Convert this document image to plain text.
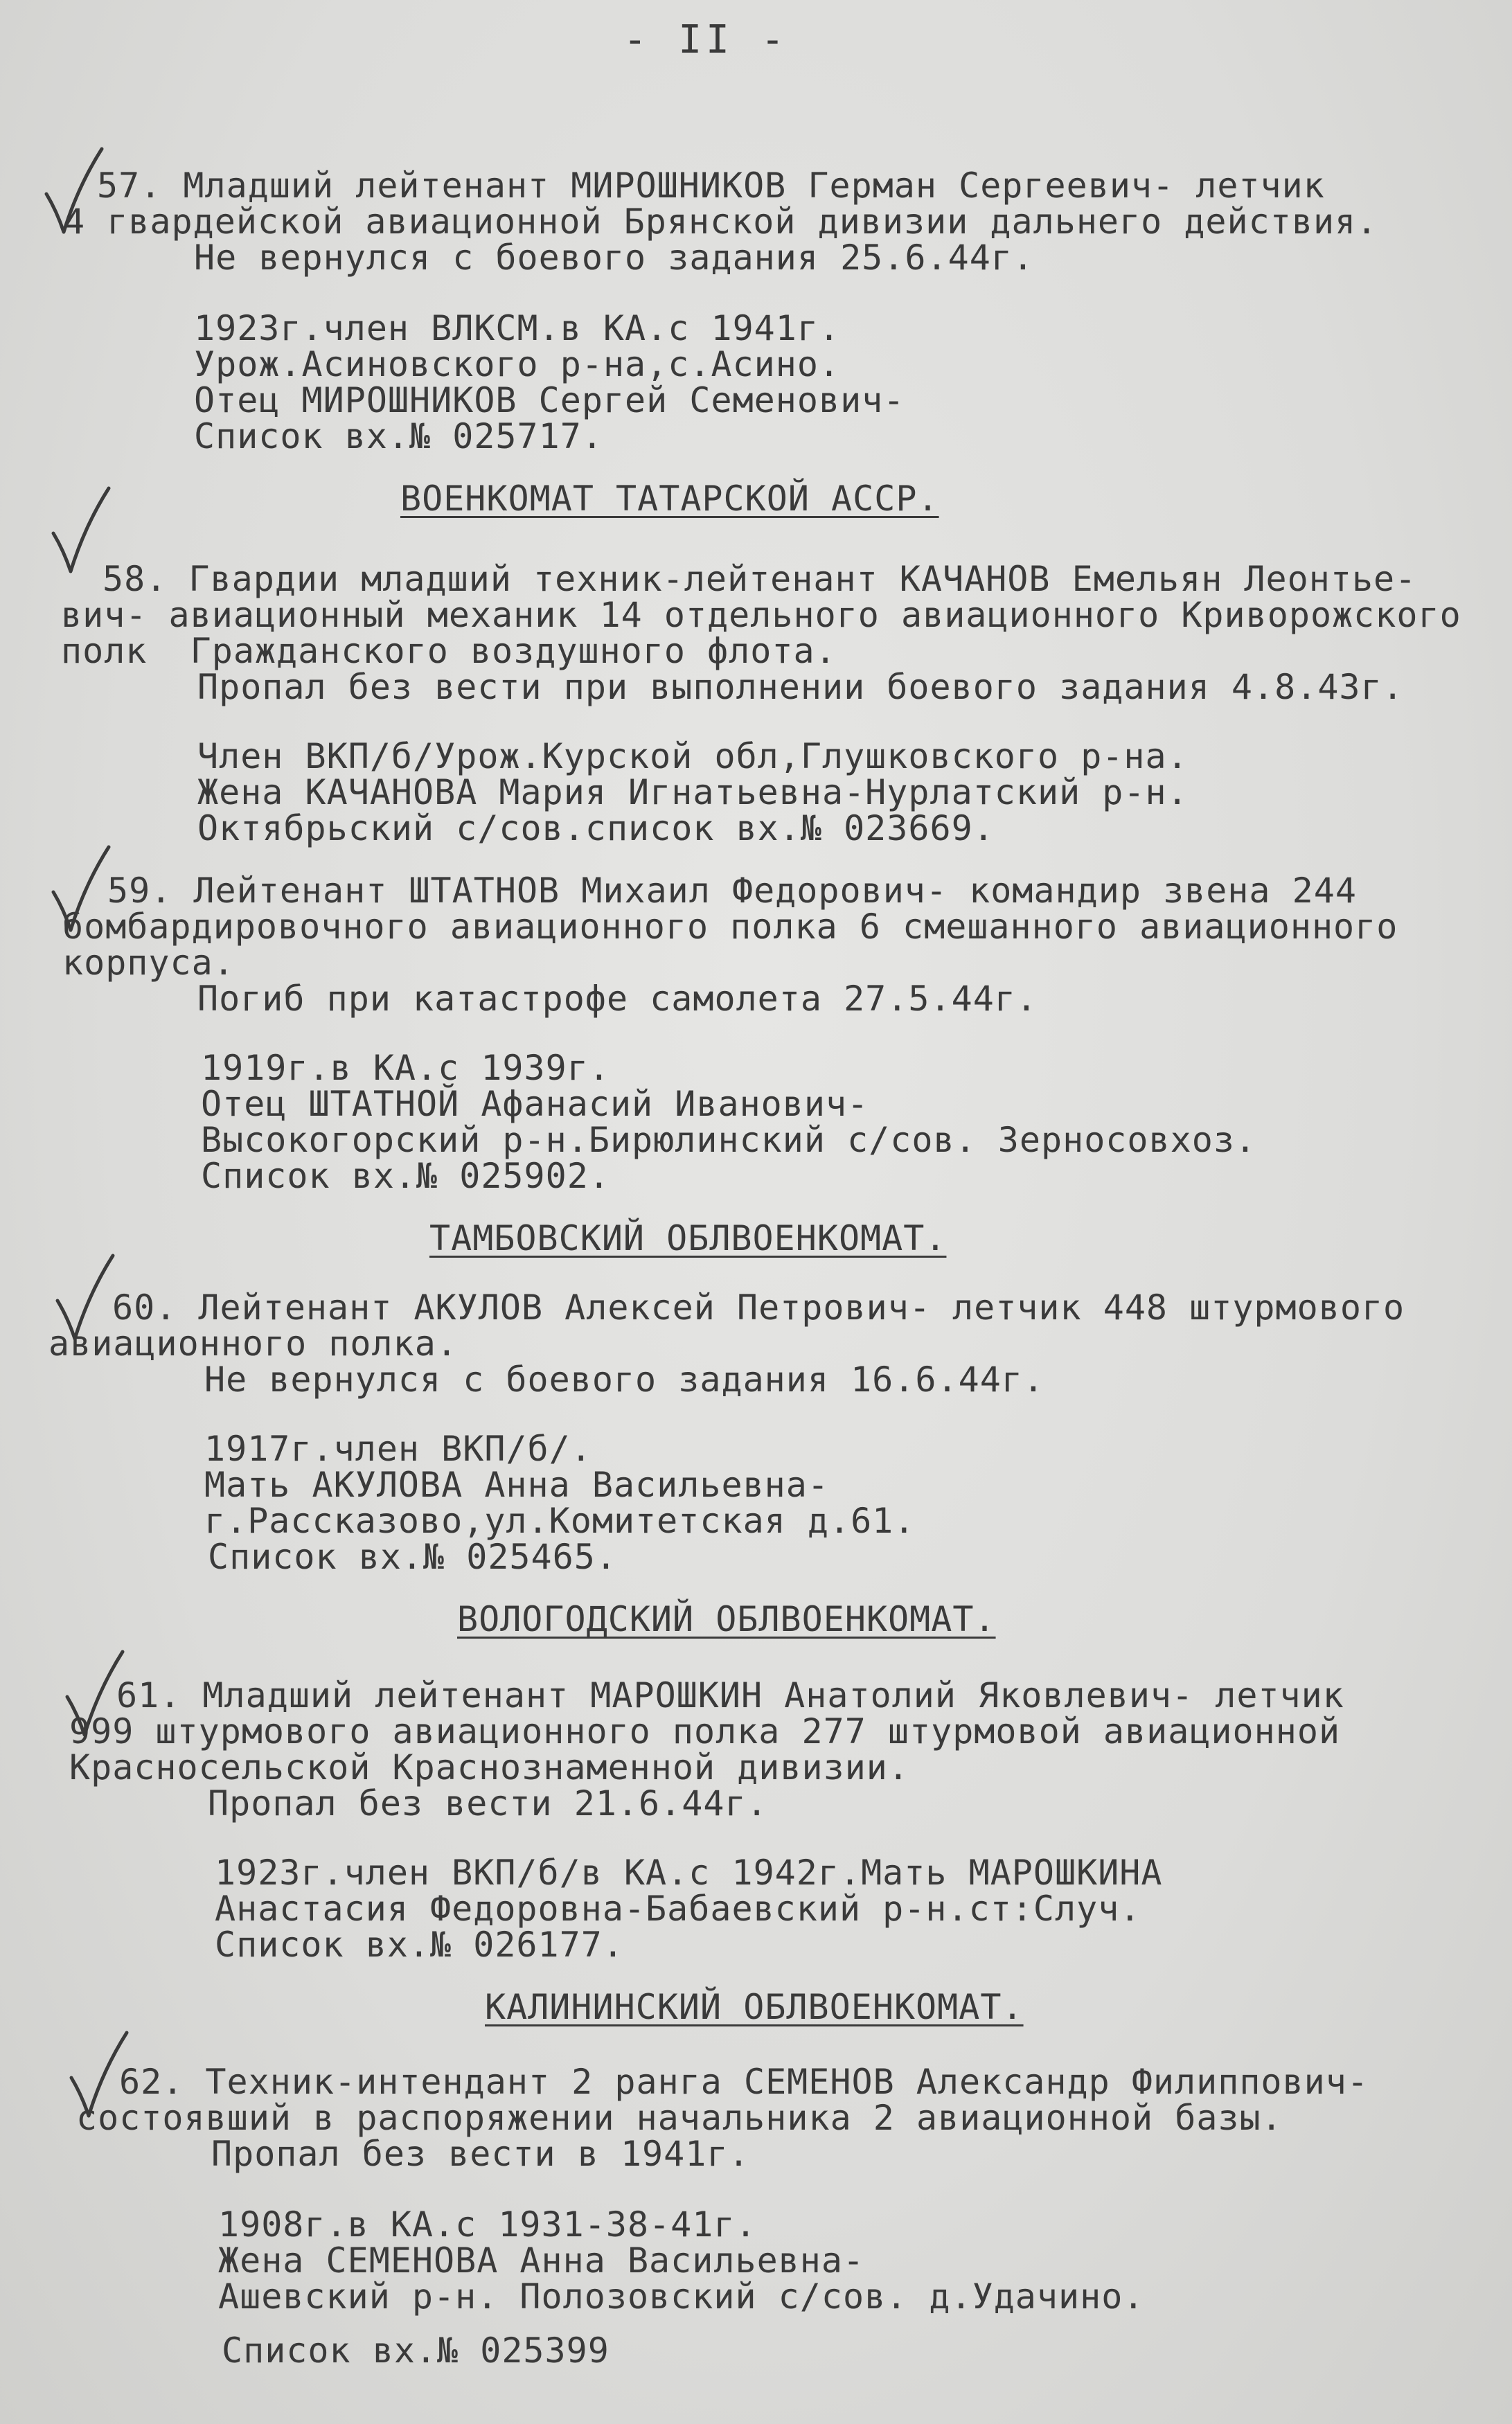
- II -
57. Младший лейтенант МИРОШНИКОВ Герман Сергеевич- летчик
4 гвардейской авиационной Брянской дивизии дальнего действия.
Не вернулся с боевого задания 25.6.44г.
1923г.член ВЛКСМ.в КА.с 1941г.
Урож.Асиновского р-на,с.Асино.
Отец МИРОШНИКОВ Сергей Семенович-
Список вх.№ 025717.
ВОЕНКОМАТ ТАТАРСКОЙ АССР.
58. Гвардии младший техник-лейтенант КАЧАНОВ Емельян Леонтье-
вич- авиационный механик 14 отдельного авиационного Криворожского
полк  Гражданского воздушного флота.
Пропал без вести при выполнении боевого задания 4.8.43г.
Член ВКП/б/Урож.Курской обл,Глушковского р-на.
Жена КАЧАНОВА Мария Игнатьевна-Нурлатский р-н.
Октябрьский с/сов.список вх.№ 023669.
59. Лейтенант ШТАТНОВ Михаил Федорович- командир звена 244
бомбардировочного авиационного полка 6 смешанного авиационного
корпуса.
Погиб при катастрофе самолета 27.5.44г.
1919г.в КА.с 1939г.
Отец ШТАТНОЙ Афанасий Иванович-
Высокогорский р-н.Бирюлинский с/сов. Зерносовхоз.
Список вх.№ 025902.
ТАМБОВСКИЙ ОБЛВОЕНКОМАТ.
60. Лейтенант АКУЛОВ Алексей Петрович- летчик 448 штурмового
авиационного полка.
Не вернулся с боевого задания 16.6.44г.
1917г.член ВКП/б/.
Мать АКУЛОВА Анна Васильевна-
г.Рассказово,ул.Комитетская д.61.
Список вх.№ 025465.
ВОЛОГОДСКИЙ ОБЛВОЕНКОМАТ.
61. Младший лейтенант МАРОШКИН Анатолий Яковлевич- летчик
999 штурмового авиационного полка 277 штурмовой авиационной
Красносельской Краснознаменной дивизии.
Пропал без вести 21.6.44г.
1923г.член ВКП/б/в КА.с 1942г.Мать МАРОШКИНА
Анастасия Федоровна-Бабаевский р-н.ст:Случ.
Список вх.№ 026177.
КАЛИНИНСКИЙ ОБЛВОЕНКОМАТ.
62. Техник-интендант 2 ранга СЕМЕНОВ Александр Филиппович-
состоявший в распоряжении начальника 2 авиационной базы.
Пропал без вести в 1941г.
1908г.в КА.с 1931-38-41г.
Жена СЕМЕНОВА Анна Васильевна-
Ашевский р-н. Полозовский с/сов. д.Удачино.
Список вх.№ 025399
